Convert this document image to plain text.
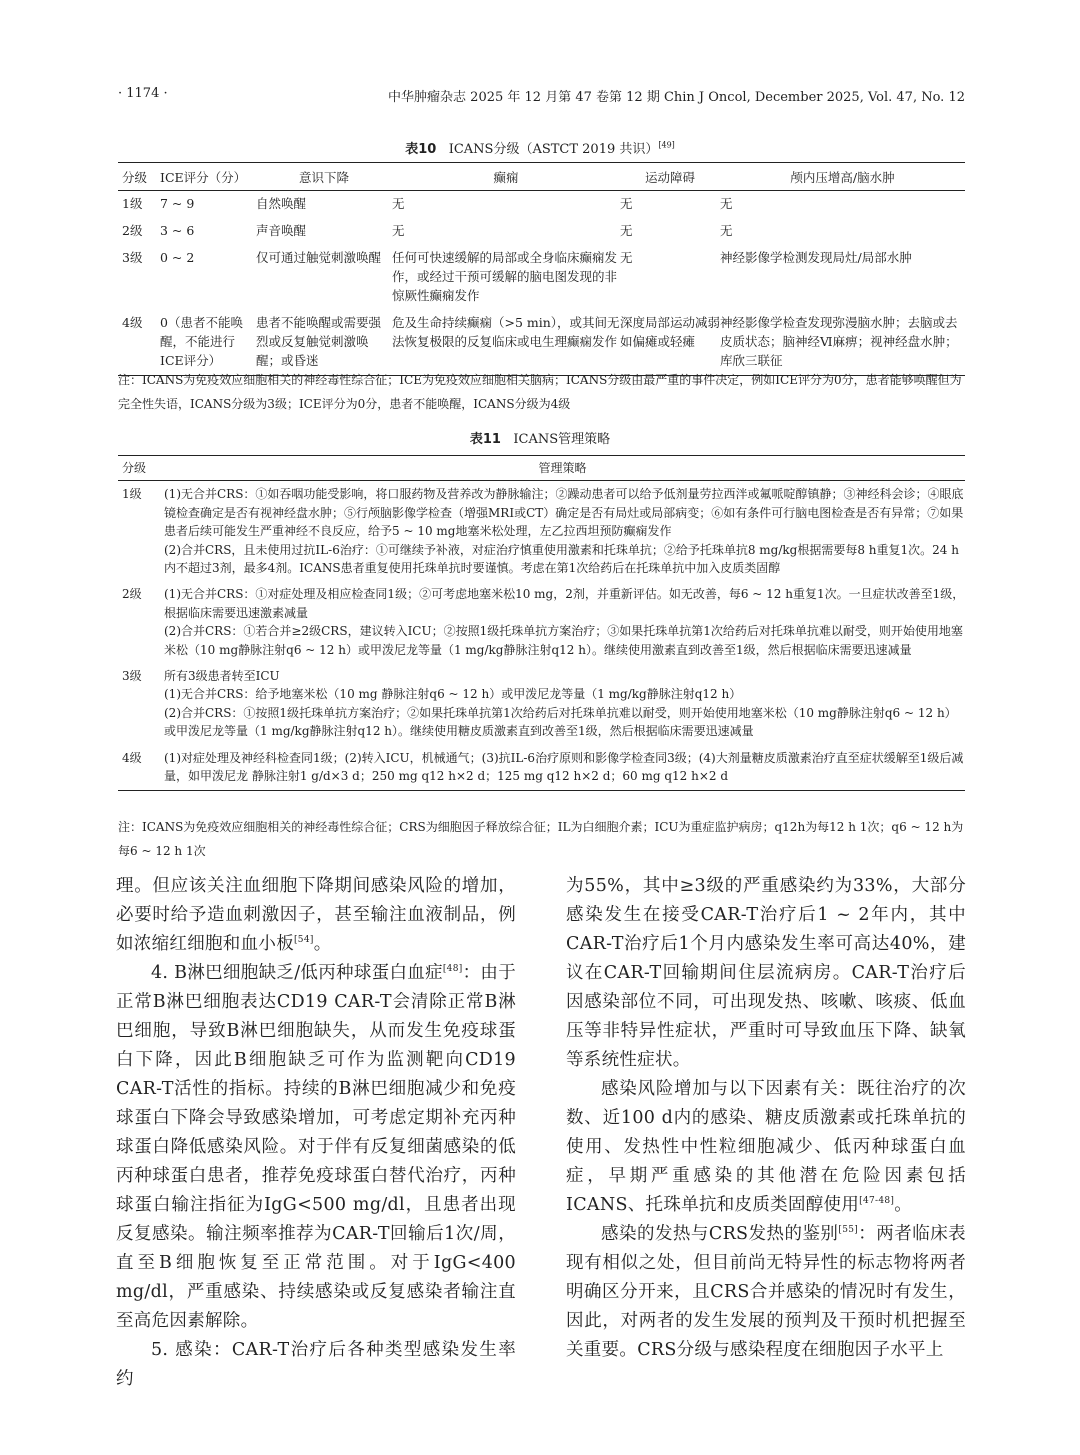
· 1174 ·	中华肿瘤杂志 2025 年 12 月第 47 卷第 12 期 Chin J Oncol, December 2025, Vol. 47, No. 12
表10 ICANS分级（ASTCT 2019 共识）[49]
分级	ICE评分（分）	意识下降	癫痫	运动障碍	颅内压增高/脑水肿
1级	7 ~ 9	自然唤醒	无	无	无
2级	3 ~ 6	声音唤醒	无	无	无
3级	0 ~ 2	仅可通过触觉刺激唤醒	任何可快速缓解的局部或全身临床癫痫发作，或经过干预可缓解的脑电图发现的非惊厥性癫痫发作	无	神经影像学检测发现局灶/局部水肿
4级	0（患者不能唤醒，不能进行ICE评分）	患者不能唤醒或需要强烈或反复触觉刺激唤醒；或昏迷	危及生命持续癫痫（>5 min），或其间无法恢复极限的反复临床或电生理癫痫发作	深度局部运动减弱如偏瘫或轻瘫	神经影像学检查发现弥漫脑水肿；去脑或去皮质状态；脑神经Ⅵ麻痹；视神经盘水肿；库欣三联征
注：ICANS为免疫效应细胞相关的神经毒性综合征；ICE为免疫效应细胞相关脑病；ICANS分级由最严重的事件决定，例如ICE评分为0分，患者能够唤醒但为完全性失语，ICANS分级为3级；ICE评分为0分，患者不能唤醒，ICANS分级为4级
表11 ICANS管理策略
分级	管理策略
1级	(1)无合并CRS：①如吞咽功能受影响，将口服药物及营养改为静脉输注；②躁动患者可以给予低剂量劳拉西泮或氟哌啶醇镇静；③神经科会诊；④眼底镜检查确定是否有视神经盘水肿；⑤行颅脑影像学检查（增强MRI或CT）确定是否有局灶或局部病变；⑥如有条件可行脑电图检查是否有异常；⑦如果患者后续可能发生严重神经不良反应，给予5 ~ 10 mg地塞米松处理，左乙拉西坦预防癫痫发作
(2)合并CRS，且未使用过抗IL-6治疗：①可继续予补液，对症治疗慎重使用激素和托珠单抗；②给予托珠单抗8 mg/kg根据需要每8 h重复1次。24 h内不超过3剂，最多4剂。ICANS患者重复使用托珠单抗时要谨慎。考虑在第1次给药后在托珠单抗中加入皮质类固醇

2级	(1)无合并CRS：①对症处理及相应检查同1级；②可考虑地塞米松10 mg，2剂，并重新评估。如无改善，每6 ~ 12 h重复1次。一旦症状改善至1级，根据临床需要迅速激素减量
(2)合并CRS：①若合并≥2级CRS，建议转入ICU；②按照1级托珠单抗方案治疗；③如果托珠单抗第1次给药后对托珠单抗难以耐受，则开始使用地塞米松（10 mg静脉注射q6 ~ 12 h）或甲泼尼龙等量（1 mg/kg静脉注射q12 h）。继续使用激素直到改善至1级，然后根据临床需要迅速减量

3级	所有3级患者转至ICU
(1)无合并CRS：给予地塞米松（10 mg 静脉注射q6 ~ 12 h）或甲泼尼龙等量（1 mg/kg静脉注射q12 h）
(2)合并CRS：①按照1级托珠单抗方案治疗；②如果托珠单抗第1次给药后对托珠单抗难以耐受，则开始使用地塞米松（10 mg静脉注射q6 ~ 12 h）或甲泼尼龙等量（1 mg/kg静脉注射q12 h）。继续使用糖皮质激素直到改善至1级，然后根据临床需要迅速减量

4级	(1)对症处理及神经科检查同1级；(2)转入ICU，机械通气；(3)抗IL-6治疗原则和影像学检查同3级；(4)大剂量糖皮质激素治疗直至症状缓解至1级后减量，如甲泼尼龙 静脉注射1 g/d×3 d；250 mg q12 h×2 d；125 mg q12 h×2 d；60 mg q12 h×2 d
注：ICANS为免疫效应细胞相关的神经毒性综合征；CRS为细胞因子释放综合征；IL为白细胞介素；ICU为重症监护病房；q12h为每12 h 1次；q6 ~ 12 h为每6 ~ 12 h 1次

理。但应该关注血细胞下降期间感染风险的增加，必要时给予造血刺激因子，甚至输注血液制品，例如浓缩红细胞和血小板[54]。

4. B淋巴细胞缺乏/低丙种球蛋白血症[48]：由于正常B淋巴细胞表达CD19 CAR-T会清除正常B淋巴细胞，导致B淋巴细胞缺失，从而发生免疫球蛋白下降，因此B细胞缺乏可作为监测靶向CD19 CAR-T活性的指标。持续的B淋巴细胞减少和免疫球蛋白下降会导致感染增加，可考虑定期补充丙种球蛋白降低感染风险。对于伴有反复细菌感染的低丙种球蛋白患者，推荐免疫球蛋白替代治疗，丙种球蛋白输注指征为IgG<500 mg/dl，且患者出现反复感染。输注频率推荐为CAR-T回输后1次/周，直至B细胞恢复至正常范围。对于IgG<400 mg/dl，严重感染、持续感染或反复感染者输注直至高危因素解除。

5. 感染：CAR-T治疗后各种类型感染发生率约

为55%，其中≥3级的严重感染约为33%，大部分感染发生在接受CAR-T治疗后1 ~ 2年内，其中CAR-T治疗后1个月内感染发生率可高达40%，建议在CAR-T回输期间住层流病房。CAR-T治疗后因感染部位不同，可出现发热、咳嗽、咳痰、低血压等非特异性症状，严重时可导致血压下降、缺氧等系统性症状。

感染风险增加与以下因素有关：既往治疗的次数、近100 d内的感染、糖皮质激素或托珠单抗的使用、发热性中性粒细胞减少、低丙种球蛋白血症，早期严重感染的其他潜在危险因素包括ICANS、托珠单抗和皮质类固醇使用[47-48]。

感染的发热与CRS发热的鉴别[55]：两者临床表现有相似之处，但目前尚无特异性的标志物将两者明确区分开来，且CRS合并感染的情况时有发生，因此，对两者的发生发展的预判及干预时机把握至关重要。CRS分级与感染程度在细胞因子水平上
